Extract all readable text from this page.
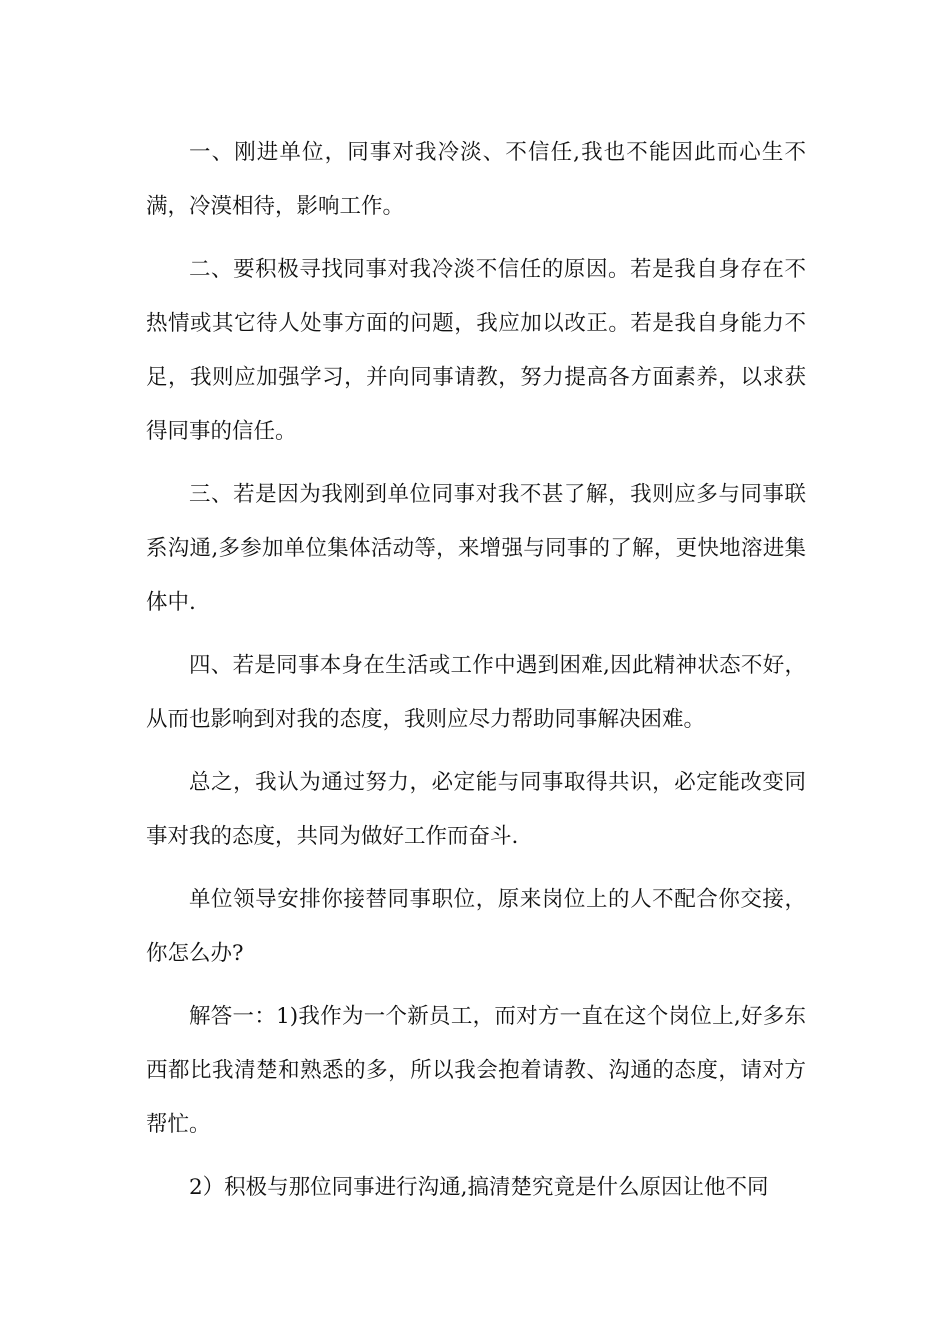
一、刚进单位，同事对我冷淡、不信任,我也不能因此而心生不满，冷漠相待，影响工作。

二、要积极寻找同事对我冷淡不信任的原因。若是我自身存在不热情或其它待人处事方面的问题，我应加以改正。若是我自身能力不足，我则应加强学习，并向同事请教，努力提高各方面素养，以求获得同事的信任。

三、若是因为我刚到单位同事对我不甚了解，我则应多与同事联系沟通,多参加单位集体活动等，来增强与同事的了解，更快地溶进集体中.

四、若是同事本身在生活或工作中遇到困难,因此精神状态不好，从而也影响到对我的态度，我则应尽力帮助同事解决困难。

总之，我认为通过努力，必定能与同事取得共识，必定能改变同事对我的态度，共同为做好工作而奋斗.

单位领导安排你接替同事职位，原来岗位上的人不配合你交接，你怎么办?

解答一：1)我作为一个新员工，而对方一直在这个岗位上,好多东西都比我清楚和熟悉的多，所以我会抱着请教、沟通的态度，请对方帮忙。

2）积极与那位同事进行沟通,搞清楚究竟是什么原因让他不同
